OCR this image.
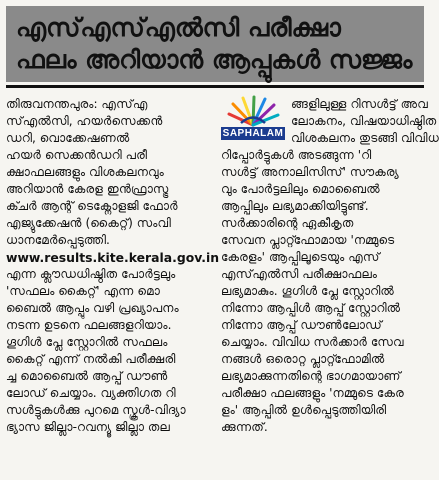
എസ്എസ്എൽസി പരീക്ഷാ
ഫലം അറിയാൻ ആപ്പുകൾ സജ്ജം
തിരുവനന്തപുരം: എസ്എ
സ്എൽസി, ഹയർസെക്കൻ
ഡറി, വൊക്കേഷണൽ
ഹയർ സെക്കൻഡറി പരീ
ക്ഷാഫലങ്ങളും വിശകലനവും
അറിയാൻ കേരള ഇൻഫ്രാസ്ട്ര
ക്ചർ ആന്റ് ടെക്നോളജി ഫോർ
എജ്യുക്കേഷൻ (കൈറ്റ്) സംവി
ധാനമേർപ്പെടുത്തി.
www.results.kite.kerala.gov.in
എന്ന ക്ലൗഡധിഷ്ഠിത പോർട്ടലും
'സഫലം കൈറ്റ്' എന്ന മൊ
ബൈൽ ആപ്പും വഴി പ്രഖ്യാപനം
നടന്ന ഉടനെ ഫലങ്ങളറിയാം.
ഗൂഗിൾ പ്ലേ സ്റ്റോറിൽ സഫലം
കൈറ്റ് എന്ന് നൽകി പരീക്ഷരി
ച്ച മൊബൈൽ ആപ്പ് ഡൗൺ
ലോഡ് ചെയ്യാം. വ്യക്തിഗത റി
സൾട്ടുകൾക്കു പുറമെ സ്കൂൾ-വിദ്യാ
ഭ്യാസ ജില്ലാ-റവന്യൂ ജില്ലാ തല
SAPHALAM
ങ്ങളിലുള്ള റിസൾട്ട് അവ
ലോകനം, വിഷയാധിഷ്ഠിത
വിശകലനം തുടങ്ങി വിവിധ
റിപ്പോർട്ടുകൾ അടങ്ങുന്ന 'റി
സൾട്ട് അനാലിസിസ്' സൗകര്യ
വും പോർട്ടലിലും മൊബൈൽ
ആപ്പിലും ലഭ്യമാക്കിയിട്ടുണ്ട്.
സർക്കാരിന്റെ ഏകീകൃത
സേവന പ്ലാറ്റ്ഫോമായ 'നമ്മുടെ
കേരളം' ആപ്പിലൂടെയും എസ്
എസ്എൽസി പരീക്ഷാഫലം
ലഭ്യമാകും. ഗൂഗിൾ പ്ലേ സ്റ്റോറിൽ
നിന്നോ ആപ്പിൾ ആപ്പ് സ്റ്റോറിൽ
നിന്നോ ആപ്പ് ഡൗൺലോഡ്
ചെയ്യാം. വിവിധ സർക്കാർ സേവ
നങ്ങൾ ഒരൊറ്റ പ്ലാറ്റ്ഫോമിൽ
ലഭ്യമാക്കുന്നതിന്റെ ഭാഗമായാണ്
പരീക്ഷാ ഫലങ്ങളും 'നമ്മുടെ കേര
ളം' ആപ്പിൽ ഉൾപ്പെടുത്തിയിരി
ക്കുന്നത്.
